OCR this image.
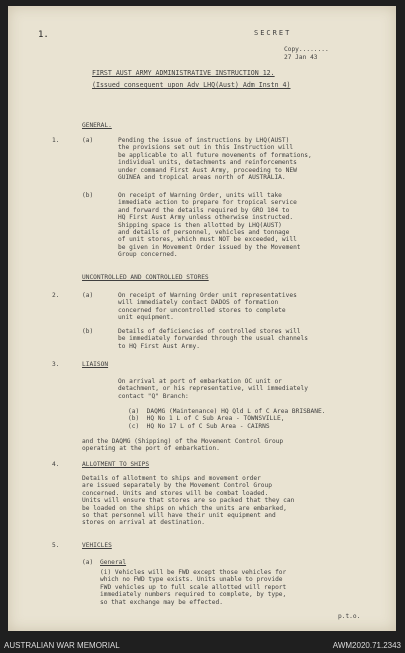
1.	SECRET
Copy........
27 Jan 43
FIRST AUST ARMY ADMINISTRATIVE INSTRUCTION 12.
(Issued consequent upon Adv LHQ(Aust) Adm Instn 4)
1.
GENERAL.
(a)	Pending the issue of instructions by LHQ(AUST)
the provisions set out in this Instruction will
be applicable to all future movements of formations,
individual units, detachments and reinforcements
under command First Aust Army, proceeding to NEW
GUINEA and tropical areas north of AUSTRALIA.
(b)	On receipt of Warning Order, units will take
immediate action to prepare for tropical service
and forward the details required by GRO 104 to
HQ First Aust Army unless otherwise instructed.
Shipping space is then allotted by LHQ(AUST)
and details of personnel, vehicles and tonnage
of unit stores, which must NOT be exceeded, will
be given in Movement Order issued by the Movement
Group concerned.
UNCONTROLLED AND CONTROLLED STORES
2.	(a)	On receipt of Warning Order unit representatives
will immediately contact DADOS of formation
concerned for uncontrolled stores to complete
unit equipment.
(b)	Details of deficiencies of controlled stores will
be immediately forwarded through the usual channels
to HQ First Aust Army.
3.	LIAISON
On arrival at port of embarkation OC unit or
detachment, or his representative, will immediately
contact "Q" Branch:
(a)  DAQMG (Maintenance) HQ Qld L of C Area BRISBANE.
(b)  HQ No 1 L of C Sub Area - TOWNSVILLE,
(c)  HQ No 17 L of C Sub Area - CAIRNS
and the DAQMG (Shipping) of the Movement Control Group
operating at the port of embarkation.
4.	ALLOTMENT TO SHIPS
Details of allotment to ships and movement order
are issued separately by the Movement Control Group
concerned. Units and stores will be combat loaded.
Units will ensure that stores are so packed that they can
be loaded on the ships on which the units are embarked,
so that personnel will have their unit equipment and
stores on arrival at destination.
5.	VEHICLES
(a) General
(i) Vehicles will be FWD except those vehicles for
which no FWD type exists. Units unable to provide
FWD vehicles up to full scale allotted will report
immediately numbers required to complete, by type,
so that exchange may be effected.
p.t.o.
AUSTRALIAN WAR MEMORIAL	AWM2020.71.2343
